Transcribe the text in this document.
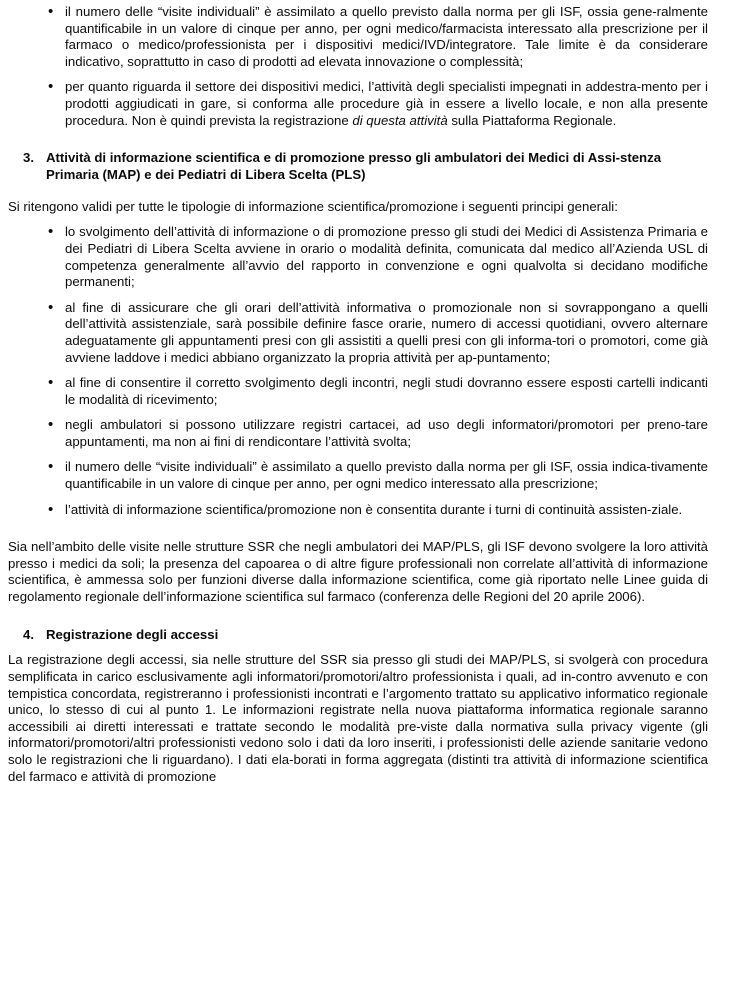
• il numero delle “visite individuali” è assimilato a quello previsto dalla norma per gli ISF, ossia gene-ralmente quantificabile in un valore di cinque per anno, per ogni medico/farmacista interessato alla prescrizione per il farmaco o medico/professionista per i dispositivi medici/IVD/integratore. Tale limite è da considerare indicativo, soprattutto in caso di prodotti ad elevata innovazione o complessità;
• per quanto riguarda il settore dei dispositivi medici, l’attività degli specialisti impegnati in addestra-mento per i prodotti aggiudicati in gare, si conforma alle procedure già in essere a livello locale, e non alla presente procedura. Non è quindi prevista la registrazione di questa attività sulla Piattaforma Regionale.
3. Attività di informazione scientifica e di promozione presso gli ambulatori dei Medici di Assi-stenza Primaria (MAP) e dei Pediatri di Libera Scelta (PLS)

Si ritengono validi per tutte le tipologie di informazione scientifica/promozione i seguenti principi generali:

• lo svolgimento dell’attività di informazione o di promozione presso gli studi dei Medici di Assistenza Primaria e dei Pediatri di Libera Scelta avviene in orario o modalità definita, comunicata dal medico all’Azienda USL di competenza generalmente all’avvio del rapporto in convenzione e ogni qualvolta si decidano modifiche permanenti;
• al fine di assicurare che gli orari dell’attività informativa o promozionale non si sovrappongano a quelli dell’attività assistenziale, sarà possibile definire fasce orarie, numero di accessi quotidiani, ovvero alternare adeguatamente gli appuntamenti presi con gli assistiti a quelli presi con gli informa-tori o promotori, come già avviene laddove i medici abbiano organizzato la propria attività per ap-puntamento;
• al fine di consentire il corretto svolgimento degli incontri, negli studi dovranno essere esposti cartelli indicanti le modalità di ricevimento;
• negli ambulatori si possono utilizzare registri cartacei, ad uso degli informatori/promotori per preno-tare appuntamenti, ma non ai fini di rendicontare l’attività svolta;
• il numero delle “visite individuali” è assimilato a quello previsto dalla norma per gli ISF, ossia indica-tivamente quantificabile in un valore di cinque per anno, per ogni medico interessato alla prescrizione;
• l’attività di informazione scientifica/promozione non è consentita durante i turni di continuità assisten-ziale.

Sia nell’ambito delle visite nelle strutture SSR che negli ambulatori dei MAP/PLS, gli ISF devono svolgere la loro attività presso i medici da soli; la presenza del capoarea o di altre figure professionali non correlate all’attività di informazione scientifica, è ammessa solo per funzioni diverse dalla informazione scientifica, come già riportato nelle Linee guida di regolamento regionale dell’informazione scientifica sul farmaco (conferenza delle Regioni del 20 aprile 2006).

4. Registrazione degli accessi

La registrazione degli accessi, sia nelle strutture del SSR sia presso gli studi dei MAP/PLS, si svolgerà con procedura semplificata in carico esclusivamente agli informatori/promotori/altro professionista i quali, ad in-contro avvenuto e con tempistica concordata, registreranno i professionisti incontrati e l’argomento trattato su applicativo informatico regionale unico, lo stesso di cui al punto 1. Le informazioni registrate nella nuova piattaforma informatica regionale saranno accessibili ai diretti interessati e trattate secondo le modalità pre-viste dalla normativa sulla privacy vigente (gli informatori/promotori/altri professionisti vedono solo i dati da loro inseriti, i professionisti delle aziende sanitarie vedono solo le registrazioni che li riguardano). I dati ela-borati in forma aggregata (distinti tra attività di informazione scientifica del farmaco e attività di promozione
